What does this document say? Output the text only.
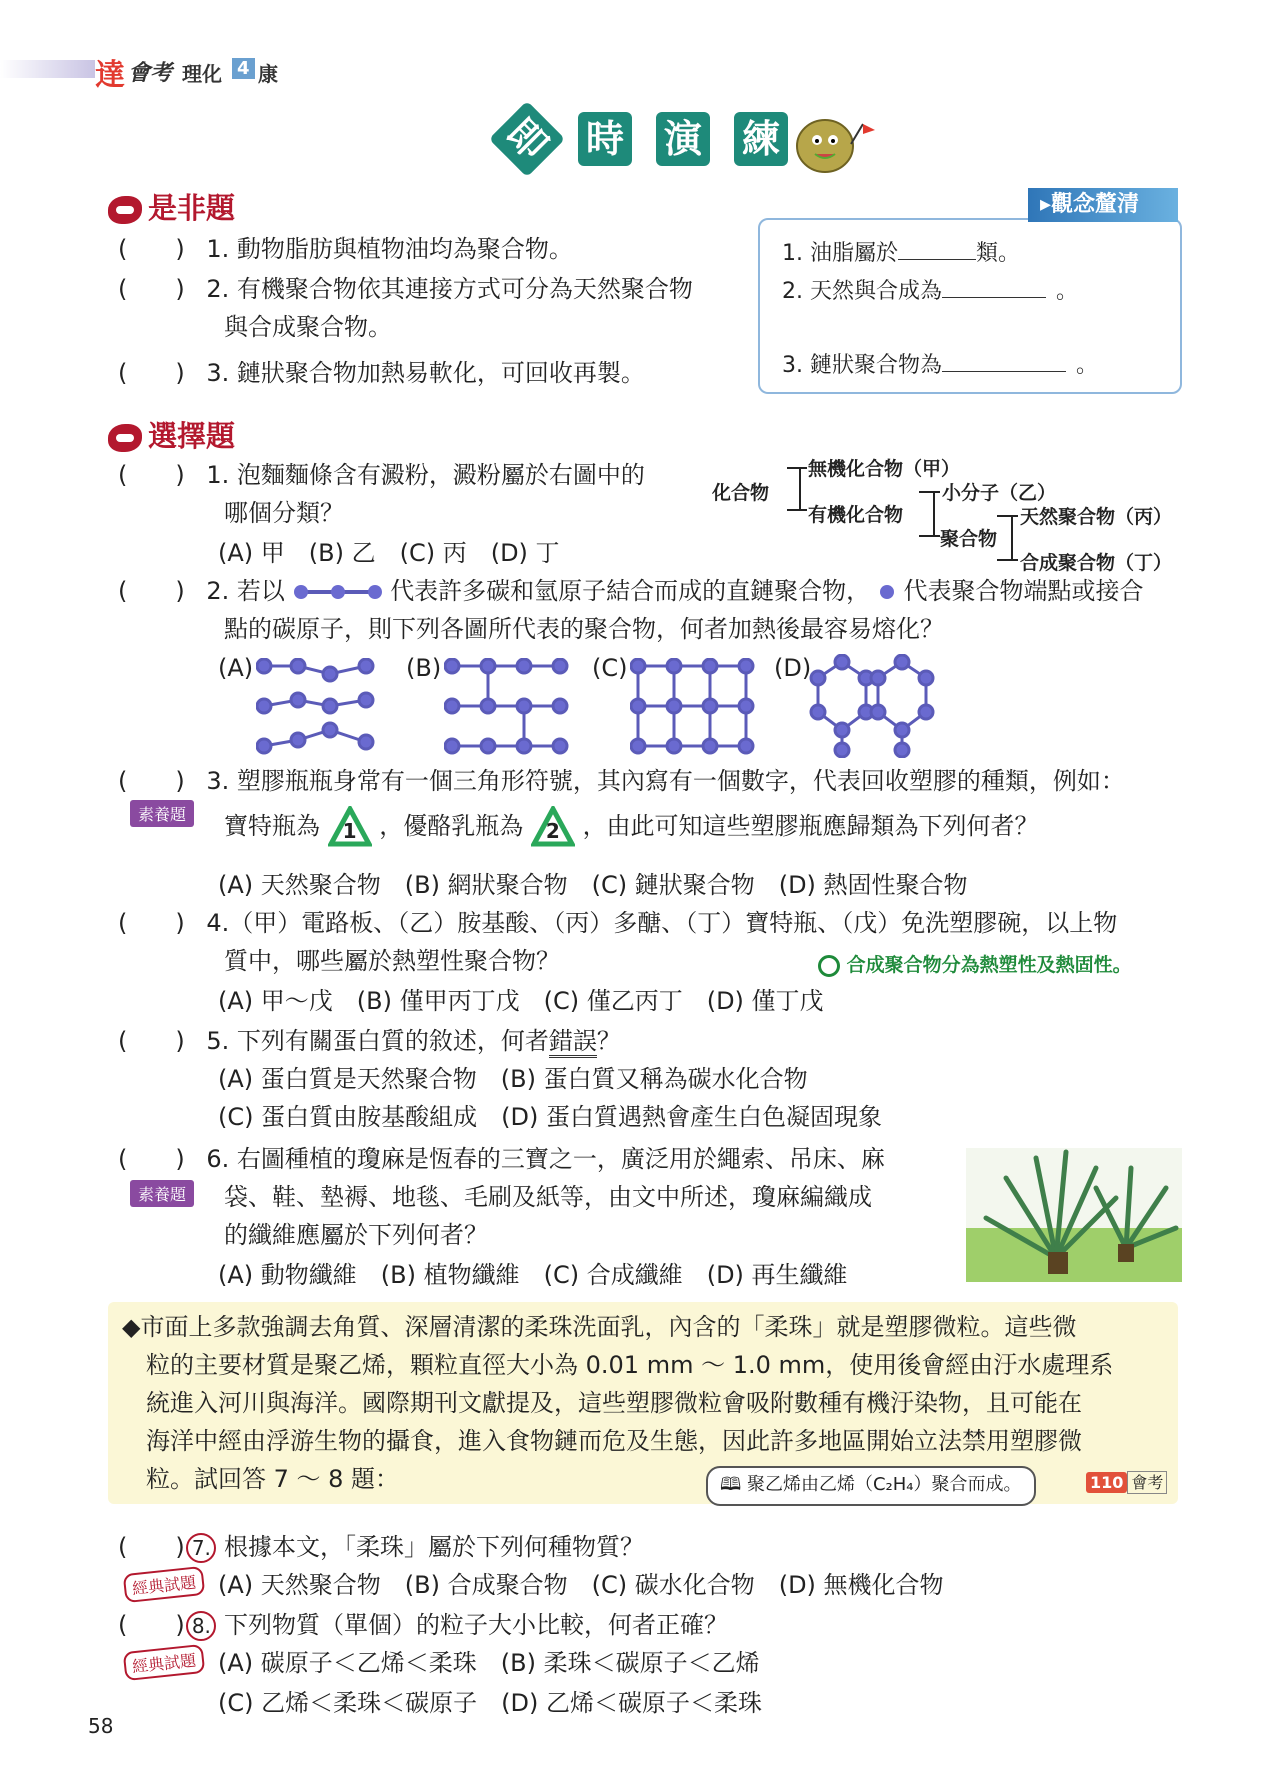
達 會考 理化 4 康
即 時 演 練
是非題
(　　) 1. 動物脂肪與植物油均為聚合物。
(　　) 2. 有機聚合物依其連接方式可分為天然聚合物
與合成聚合物。
(　　) 3. 鏈狀聚合物加熱易軟化，可回收再製。
▸觀念釐清
1. 油脂屬於	類。
2. 天然與合成為	。
3. 鏈狀聚合物為	。
選擇題
(　　) 1. 泡麵麵條含有澱粉，澱粉屬於右圖中的
哪個分類？
(A) 甲　(B) 乙　(C) 丙　(D) 丁
化合物
無機化合物（甲）
有機化合物
小分子（乙）
聚合物
天然聚合物（丙）
合成聚合物（丁）
(　　) 2. 若以	代表許多碳和氫原子結合而成的直鏈聚合物， 代表聚合物端點或接合
點的碳原子，則下列各圖所代表的聚合物，何者加熱後最容易熔化？
(A)	(B)	(C)	(D)
(　　) 3. 塑膠瓶瓶身常有一個三角形符號，其內寫有一個數字，代表回收塑膠的種類，例如：
素養題	寶特瓶為 1 ，優酪乳瓶為 2 ，由此可知這些塑膠瓶應歸類為下列何者？
(A) 天然聚合物　(B) 網狀聚合物　(C) 鏈狀聚合物　(D) 熱固性聚合物
(　　) 4.（甲）電路板、（乙）胺基酸、（丙）多醣、（丁）寶特瓶、（戊）免洗塑膠碗，以上物
質中，哪些屬於熱塑性聚合物？	合成聚合物分為熱塑性及熱固性。
(A) 甲～戊　(B) 僅甲丙丁戊　(C) 僅乙丙丁　(D) 僅丁戊
(　　) 5. 下列有關蛋白質的敘述，何者錯誤？
(A) 蛋白質是天然聚合物　(B) 蛋白質又稱為碳水化合物
(C) 蛋白質由胺基酸組成　(D) 蛋白質遇熱會產生白色凝固現象
(　　) 6. 右圖種植的瓊麻是恆春的三寶之一，廣泛用於繩索、吊床、麻
素養題	袋、鞋、墊褥、地毯、毛刷及紙等，由文中所述，瓊麻編織成
的纖維應屬於下列何者？
(A) 動物纖維　(B) 植物纖維　(C) 合成纖維　(D) 再生纖維
◆市面上多款強調去角質、深層清潔的柔珠洗面乳，內含的「柔珠」就是塑膠微粒。這些微
粒的主要材質是聚乙烯，顆粒直徑大小為 0.01 mm ～ 1.0 mm，使用後會經由汙水處理系
統進入河川與海洋。國際期刊文獻提及，這些塑膠微粒會吸附數種有機汙染物，且可能在
海洋中經由浮游生物的攝食，進入食物鏈而危及生態，因此許多地區開始立法禁用塑膠微
粒。試回答 7 ～ 8 題：	🕮 聚乙烯由乙烯（C₂H₄）聚合而成。	110 會考
(　　) 7. 根據本文，「柔珠」屬於下列何種物質？
經典試題 (A) 天然聚合物　(B) 合成聚合物　(C) 碳水化合物　(D) 無機化合物
(　　) 8. 下列物質（單個）的粒子大小比較，何者正確？
經典試題 (A) 碳原子＜乙烯＜柔珠　(B) 柔珠＜碳原子＜乙烯
(C) 乙烯＜柔珠＜碳原子　(D) 乙烯＜碳原子＜柔珠
58
